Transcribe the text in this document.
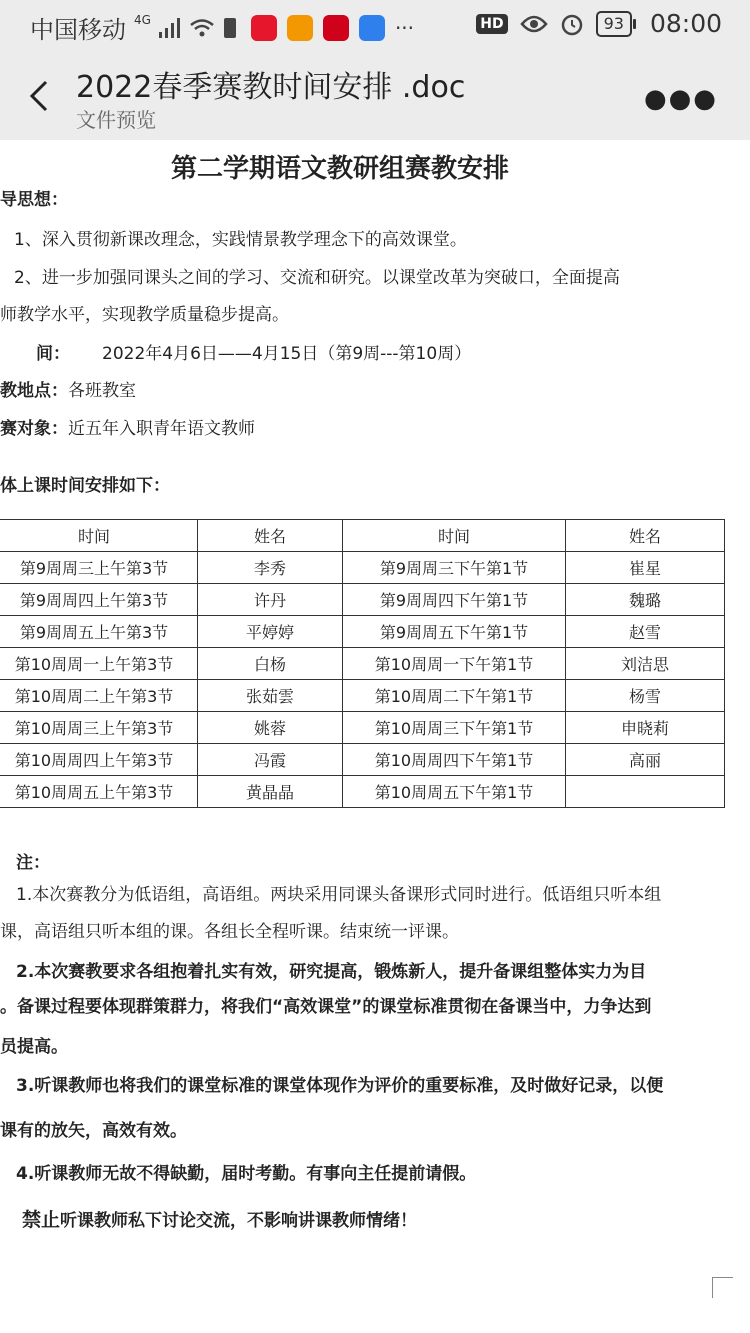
中国移动 4G	···	HD	93	08:00
2022春季赛教时间安排 .doc
文件预览
●●●
第二学期语文教研组赛教安排
导思想：
1、深入贯彻新课改理念，实践情景教学理念下的高效课堂。
2、进一步加强同课头之间的学习、交流和研究。以课堂改革为突破口，全面提高
师教学水平，实现教学质量稳步提高。
间： 2022年4月6日——4月15日（第9周---第10周）
教地点：各班教室
赛对象：近五年入职青年语文教师
体上课时间安排如下：
时间	姓名	时间	姓名
第9周周三上午第3节	李秀	第9周周三下午第1节	崔星
第9周周四上午第3节	许丹	第9周周四下午第1节	魏璐
第9周周五上午第3节	平婷婷	第9周周五下午第1节	赵雪
第10周周一上午第3节	白杨	第10周周一下午第1节	刘洁思
第10周周二上午第3节	张茹雲	第10周周二下午第1节	杨雪
第10周周三上午第3节	姚蓉	第10周周三下午第1节	申晓莉
第10周周四上午第3节	冯霞	第10周周四下午第1节	高丽
第10周周五上午第3节	黄晶晶	第10周周五下午第1节	
注：
1.本次赛教分为低语组，高语组。两块采用同课头备课形式同时进行。低语组只听本组
课，高语组只听本组的课。各组长全程听课。结束统一评课。
2.本次赛教要求各组抱着扎实有效，研究提高，锻炼新人，提升备课组整体实力为目
。备课过程要体现群策群力，将我们“高效课堂”的课堂标准贯彻在备课当中，力争达到
员提高。
3.听课教师也将我们的课堂标准的课堂体现作为评价的重要标准，及时做好记录，以便
课有的放矢，高效有效。
4.听课教师无故不得缺勤，届时考勤。有事向主任提前请假。
禁止听课教师私下讨论交流，不影响讲课教师情绪！
